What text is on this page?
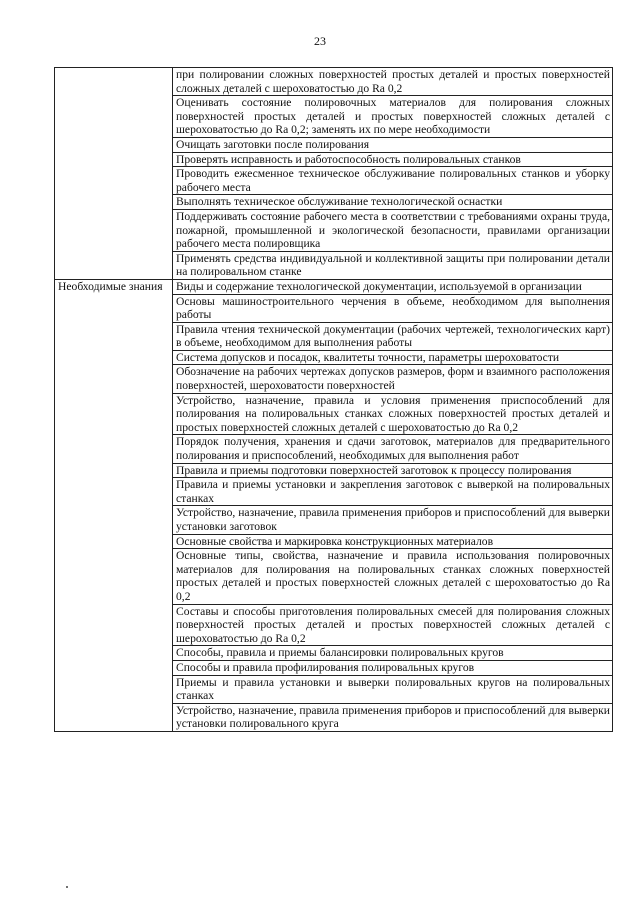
23
	при полировании сложных поверхностей простых деталей и простых поверхностей сложных деталей с шероховатостью до Ra 0,2
	Оценивать состояние полировочных материалов для полирования сложных поверхностей простых деталей и простых поверхностей сложных деталей с шероховатостью до Ra 0,2; заменять их по мере необходимости
	Очищать заготовки после полирования
	Проверять исправность и работоспособность полировальных станков
	Проводить ежесменное техническое обслуживание полировальных станков и уборку рабочего места
	Выполнять техническое обслуживание технологической оснастки
	Поддерживать состояние рабочего места в соответствии с требованиями охраны труда, пожарной, промышленной и экологической безопасности, правилами организации рабочего места полировщика
	Применять средства индивидуальной и коллективной защиты при полировании детали на полировальном станке
Необходимые знания	Виды и содержание технологической документации, используемой в организации
	Основы машиностроительного черчения в объеме, необходимом для выполнения работы
	Правила чтения технической документации (рабочих чертежей, технологических карт) в объеме, необходимом для выполнения работы
	Система допусков и посадок, квалитеты точности, параметры шероховатости
	Обозначение на рабочих чертежах допусков размеров, форм и взаимного расположения поверхностей, шероховатости поверхностей
	Устройство, назначение, правила и условия применения приспособлений для полирования на полировальных станках сложных поверхностей простых деталей и простых поверхностей сложных деталей с шероховатостью до Ra 0,2
	Порядок получения, хранения и сдачи заготовок, материалов для предварительного полирования и приспособлений, необходимых для выполнения работ
	Правила и приемы подготовки поверхностей заготовок к процессу полирования
	Правила и приемы установки и закрепления заготовок с выверкой на полировальных станках
	Устройство, назначение, правила применения приборов и приспособлений для выверки установки заготовок
	Основные свойства и маркировка конструкционных материалов
	Основные типы, свойства, назначение и правила использования полировочных материалов для полирования на полировальных станках сложных поверхностей простых деталей и простых поверхностей сложных деталей с шероховатостью до Ra 0,2
	Составы и способы приготовления полировальных смесей для полирования сложных поверхностей простых деталей и простых поверхностей сложных деталей с шероховатостью до Ra 0,2
	Способы, правила и приемы балансировки полировальных кругов
	Способы и правила профилирования полировальных кругов
	Приемы и правила установки и выверки полировальных кругов на полировальных станках
	Устройство, назначение, правила применения приборов и приспособлений для выверки установки полировального круга
